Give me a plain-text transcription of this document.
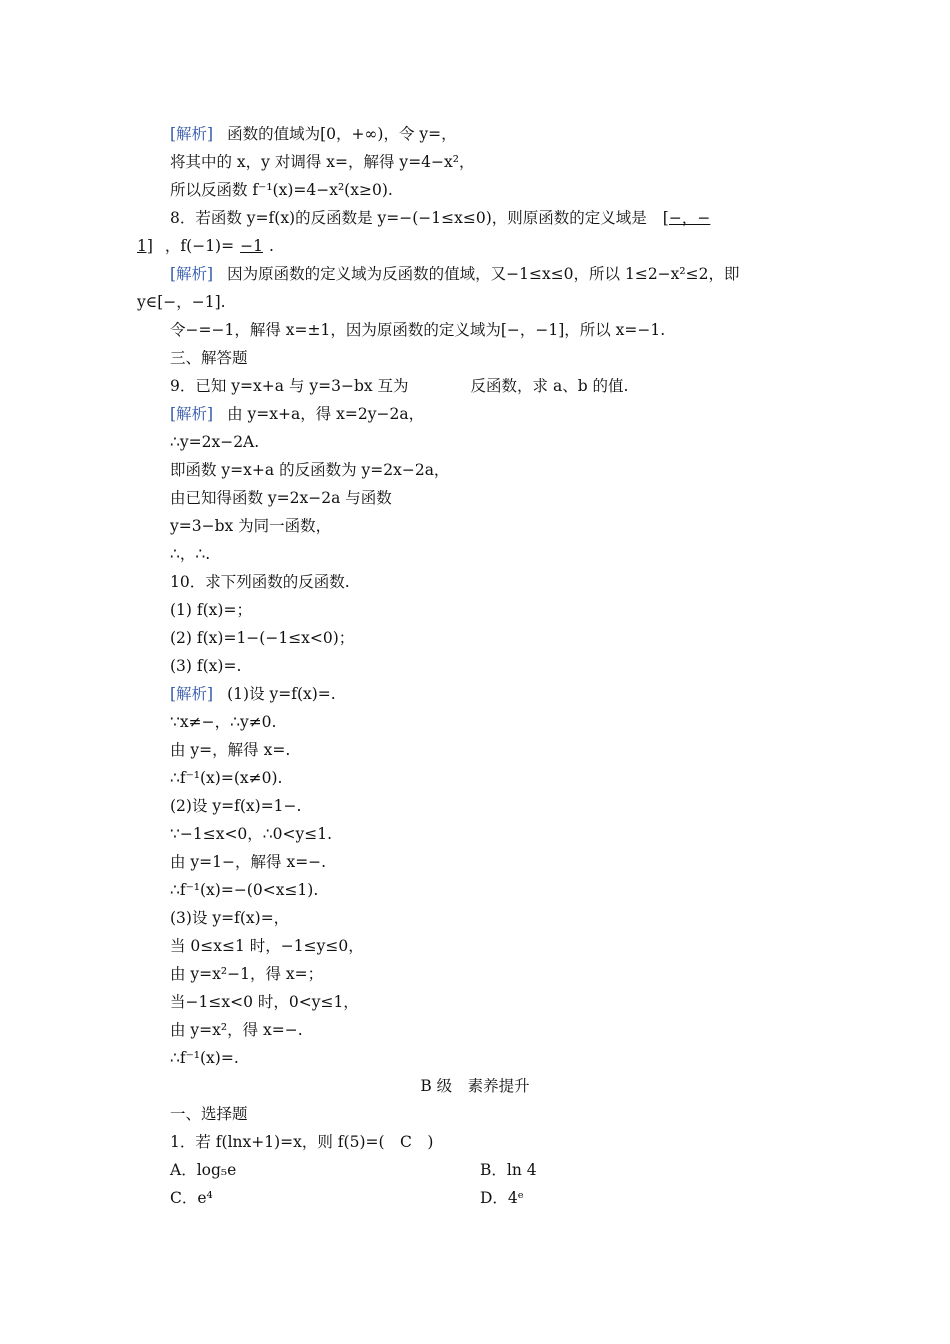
[解析] 函数的值域为[0，+∞)，令 y=，
将其中的 x，y 对调得 x=，解得 y=4−x²，
所以反函数 f⁻¹(x)=4−x²(x≥0).
8．若函数 y=f(x)的反函数是 y=−(−1≤x≤0)，则原函数的定义域是 [−，−
1] ，f(−1)= −1 .
[解析] 因为原函数的定义域为反函数的值域，又−1≤x≤0，所以 1≤2−x²≤2，即
y∈[−，−1].
令−=−1，解得 x=±1，因为原函数的定义域为[−，−1]，所以 x=−1.
三、解答题
9．已知 y=x+a 与 y=3−bx 互为　　　　反函数，求 a、b 的值.
[解析] 由 y=x+a，得 x=2y−2a，
∴y=2x−2A.
即函数 y=x+a 的反函数为 y=2x−2a，
由已知得函数 y=2x−2a 与函数
y=3−bx 为同一函数，
∴，∴.
10．求下列函数的反函数.
(1) f(x)=；
(2) f(x)=1−(−1≤x<0)；
(3) f(x)=.
[解析] (1)设 y=f(x)=.
∵x≠−，∴y≠0.
由 y=，解得 x=.
∴f⁻¹(x)=(x≠0).
(2)设 y=f(x)=1−.
∵−1≤x<0，∴0<y≤1.
由 y=1−，解得 x=−.
∴f⁻¹(x)=−(0<x≤1).
(3)设 y=f(x)=，
当 0≤x≤1 时，−1≤y≤0，
由 y=x²−1，得 x=；
当−1≤x<0 时，0<y≤1，
由 y=x²，得 x=−.
∴f⁻¹(x)=.
B 级　素养提升
一、选择题
1．若 f(lnx+1)=x，则 f(5)=(　C　)
A．log₅e	B．ln 4
C．e⁴	D．4ᵉ
